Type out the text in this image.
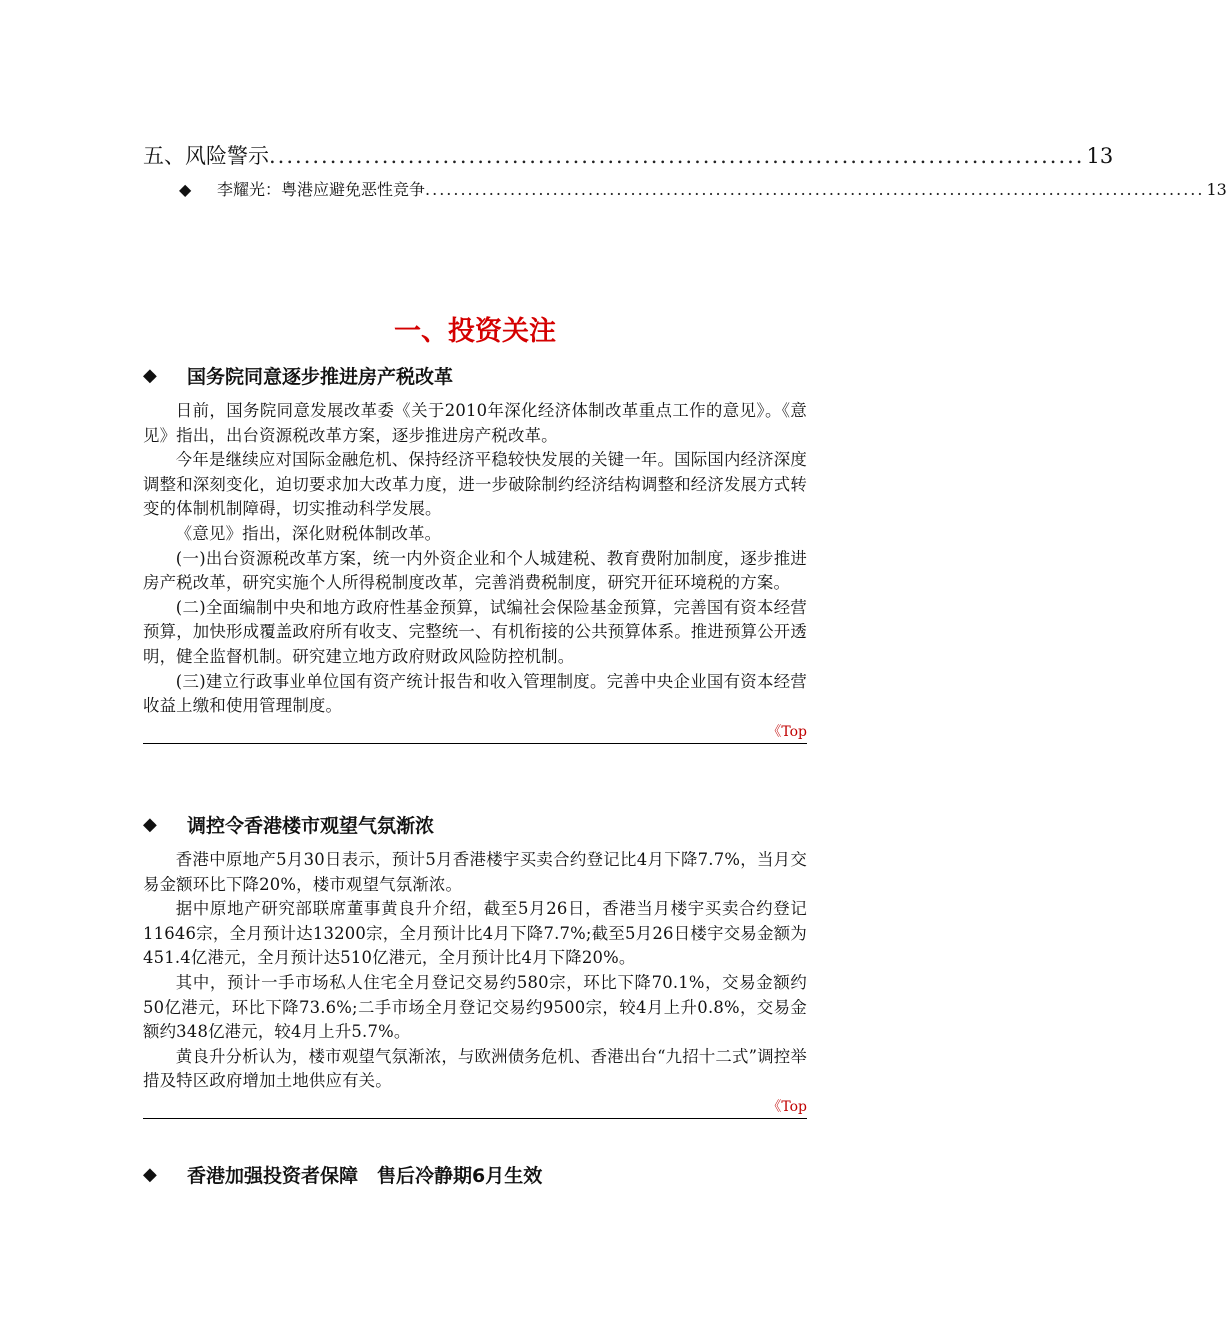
五、风险警示 .............................................................................................. 13
◆	李耀光：粤港应避免恶性竞争 .............................................................................................................. 13
一、投资关注
◆	国务院同意逐步推进房产税改革

日前，国务院同意发展改革委《关于2010年深化经济体制改革重点工作的意见》。《意见》指出，出台资源税改革方案，逐步推进房产税改革。

今年是继续应对国际金融危机、保持经济平稳较快发展的关键一年。国际国内经济深度调整和深刻变化，迫切要求加大改革力度，进一步破除制约经济结构调整和经济发展方式转变的体制机制障碍，切实推动科学发展。

《意见》指出，深化财税体制改革。

(一)出台资源税改革方案，统一内外资企业和个人城建税、教育费附加制度，逐步推进房产税改革，研究实施个人所得税制度改革，完善消费税制度，研究开征环境税的方案。

(二)全面编制中央和地方政府性基金预算，试编社会保险基金预算，完善国有资本经营预算，加快形成覆盖政府所有收支、完整统一、有机衔接的公共预算体系。推进预算公开透明，健全监督机制。研究建立地方政府财政风险防控机制。

(三)建立行政事业单位国有资产统计报告和收入管理制度。完善中央企业国有资本经营收益上缴和使用管理制度。

《Top
◆	调控令香港楼市观望气氛渐浓

香港中原地产5月30日表示，预计5月香港楼宇买卖合约登记比4月下降7.7%，当月交易金额环比下降20%，楼市观望气氛渐浓。

据中原地产研究部联席董事黄良升介绍，截至5月26日，香港当月楼宇买卖合约登记11646宗，全月预计达13200宗，全月预计比4月下降7.7%;截至5月26日楼宇交易金额为451.4亿港元，全月预计达510亿港元，全月预计比4月下降20%。

其中，预计一手市场私人住宅全月登记交易约580宗，环比下降70.1%，交易金额约50亿港元，环比下降73.6%;二手市场全月登记交易约9500宗，较4月上升0.8%，交易金额约348亿港元，较4月上升5.7%。

黄良升分析认为，楼市观望气氛渐浓，与欧洲债务危机、香港出台“九招十二式”调控举措及特区政府增加土地供应有关。

《Top
◆	香港加强投资者保障　售后冷静期6月生效
